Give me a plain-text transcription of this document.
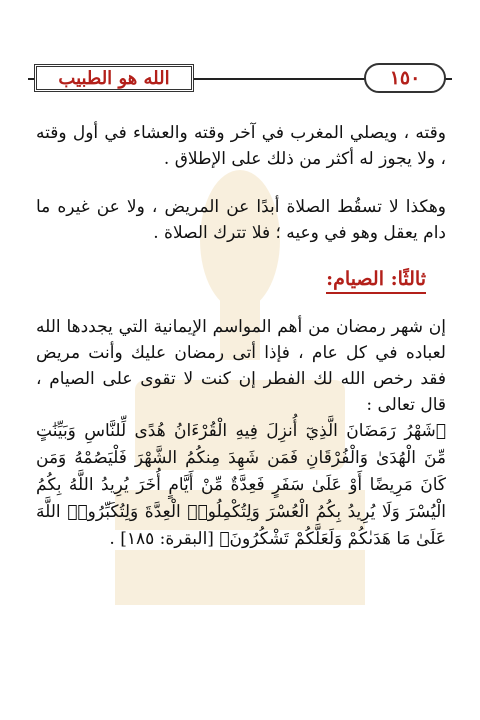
الله هو الطبيب	١٥٠
وقته ، ويصلي المغرب في آخر وقته والعشاء في أول وقته ، ولا يجوز له أكثر من ذلك على الإطلاق .
وهكذا لا تسقُط الصلاة أبدًا عن المريض ، ولا عن غيره ما دام يعقل وهو في وعيه ؛ فلا تترك الصلاة .
ثالثًا: الصيام:
إن شهر رمضان من أهم المواسم الإيمانية التي يجددها الله لعباده في كل عام ، فإذا أتى رمضان عليك وأنت مريض فقد رخص الله لك الفطر إن كنت لا تقوى على الصيام ، قال تعالى :
﴿شَهْرُ رَمَضَانَ الَّذِيٓ أُنزِلَ فِيهِ الْقُرْءَانُ هُدًى لِّلنَّاسِ وَبَيِّنَٰتٍ مِّنَ الْهُدَىٰ وَالْفُرْقَانِ فَمَن شَهِدَ مِنكُمُ الشَّهْرَ فَلْيَصُمْهُ وَمَن كَانَ مَرِيضًا أَوْ عَلَىٰ سَفَرٍ فَعِدَّةٌ مِّنْ أَيَّامٍ أُخَرَ يُرِيدُ اللَّهُ بِكُمُ الْيُسْرَ وَلَا يُرِيدُ بِكُمُ الْعُسْرَ وَلِتُكْمِلُوا۟ الْعِدَّةَ وَلِتُكَبِّرُوا۟ اللَّهَ عَلَىٰ مَا هَدَىٰكُمْ وَلَعَلَّكُمْ تَشْكُرُونَ﴾ [البقرة: ١٨٥] .
